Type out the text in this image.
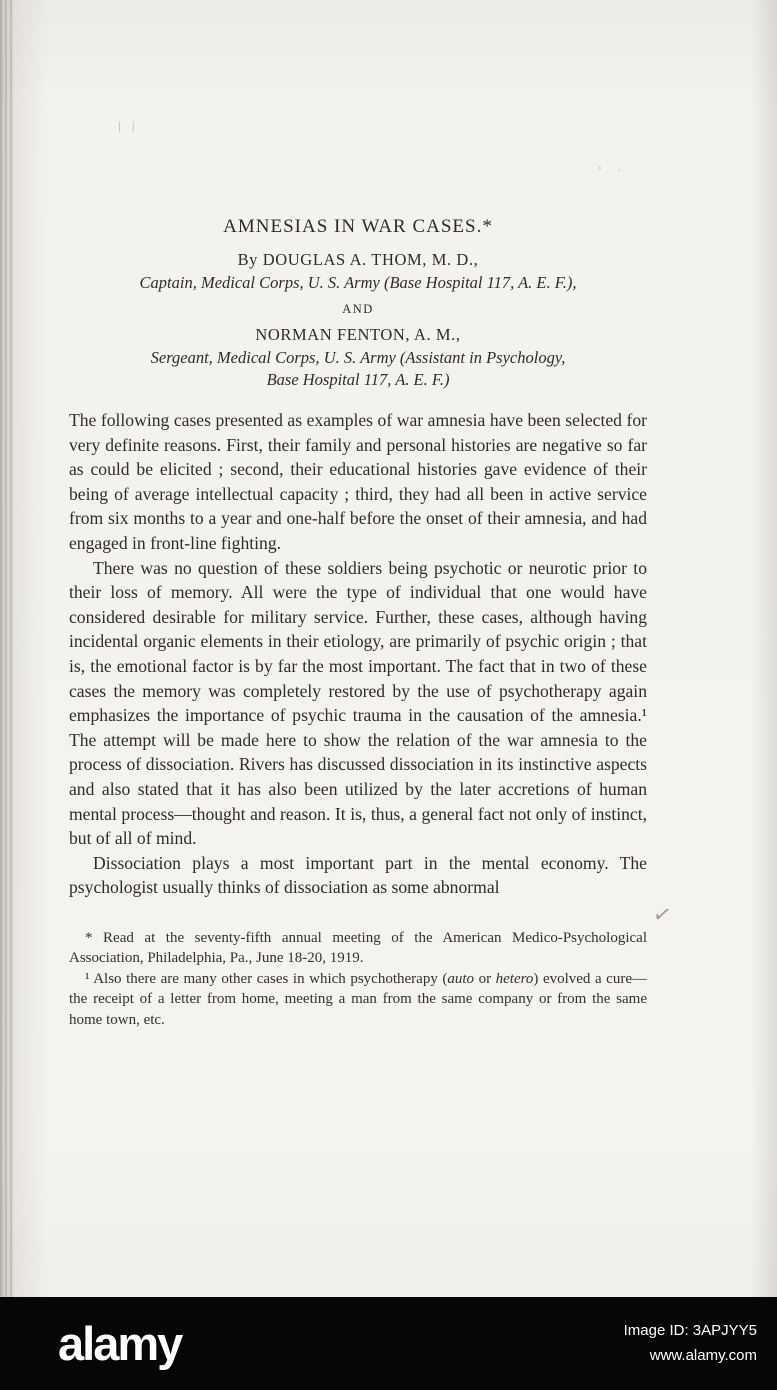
| |
‘ ·
AMNESIAS IN WAR CASES.*
By DOUGLAS A. THOM, M. D.,
Captain, Medical Corps, U. S. Army (Base Hospital 117, A. E. F.),
AND
NORMAN FENTON, A. M.,
Sergeant, Medical Corps, U. S. Army (Assistant in Psychology,
Base Hospital 117, A. E. F.)

The following cases presented as examples of war amnesia have been selected for very definite reasons. First, their family and personal histories are negative so far as could be elicited ; second, their educational histories gave evidence of their being of average intellectual capacity ; third, they had all been in active service from six months to a year and one-half before the onset of their amnesia, and had engaged in front-line fighting.

There was no question of these soldiers being psychotic or neurotic prior to their loss of memory. All were the type of individual that one would have considered desirable for military service. Further, these cases, although having incidental organic elements in their etiology, are primarily of psychic origin ; that is, the emotional factor is by far the most important. The fact that in two of these cases the memory was completely restored by the use of psychotherapy again emphasizes the importance of psychic trauma in the causation of the amnesia.¹ The attempt will be made here to show the relation of the war amnesia to the process of dissociation. Rivers has discussed dissociation in its instinctive aspects and also stated that it has also been utilized by the later accretions of human mental process—thought and reason. It is, thus, a general fact not only of instinct, but of all of mind.

Dissociation plays a most important part in the mental economy. The psychologist usually thinks of dissociation as some abnormal

* Read at the seventy-fifth annual meeting of the American Medico-Psychological Association, Philadelphia, Pa., June 18-20, 1919.

¹ Also there are many other cases in which psychotherapy (auto or hetero) evolved a cure—the receipt of a letter from home, meeting a man from the same company or from the same home town, etc.

✓
alamy	Image ID: 3APJYY5
www.alamy.com
